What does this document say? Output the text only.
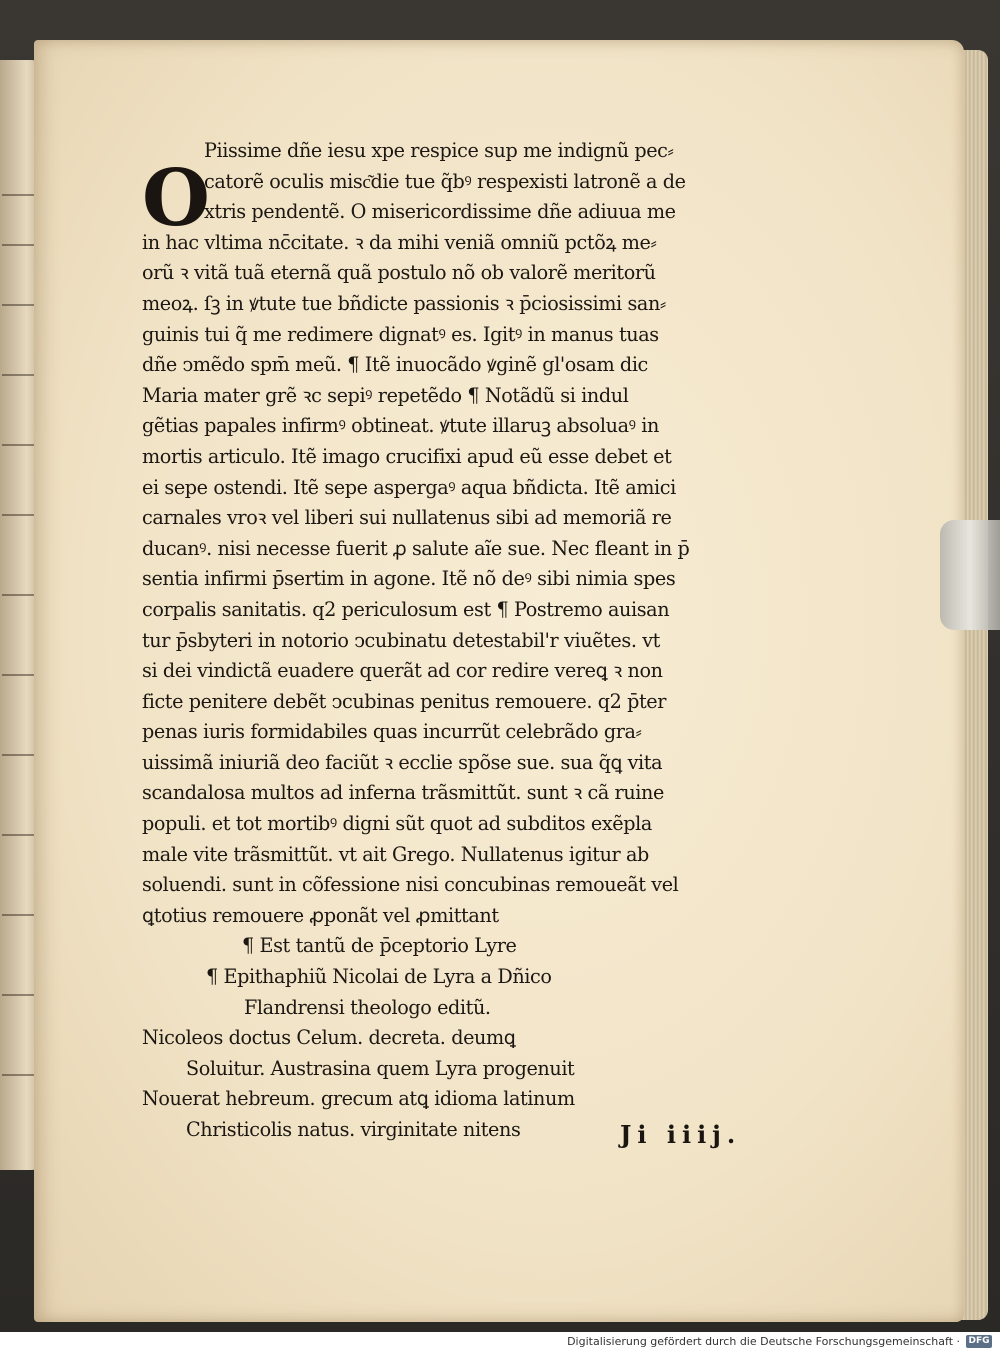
O
Piissime dñe iesu xpe respice sup me indignũ pec⸗
catorẽ oculis misc͂die tue q̃bꝰ respexisti latronẽ a de
xtris pendentẽ. O misericordissime dñe adiuua me
in hac vltima nc̄citate. ꝛ da mihi veniã omniũ pctõꝝ me⸗
orũ ꝛ vitã tuã eternã quã postulo nõ ob valorẽ meritorũ
meoꝝ. ſꝫ in ꝟtute tue bñdicte passionis ꝛ p̄ciosissimi san⸗
guinis tui q̃ me redimere dignatꝰ es. Igitꝰ in manus tuas
dñe ↄmẽdo spm̄ meũ. ¶ Itẽ inuocãdo ꝟginẽ gl'osam dic
Maria mater grẽ ꝛc sepiꝰ repetẽdo ¶ Notãdũ si indul
gẽtias papales infirmꝰ obtineat. ꝟtute illaruꝫ absoluaꝰ in
mortis articulo. Itẽ imago crucifixi apud eũ esse debet et
ei sepe ostendi. Itẽ sepe aspergaꝰ aqua bñdicta. Itẽ amici
carnales vroꝛ vel liberi sui nullatenus sibi ad memoriã re
ducanꝰ. nisi necesse fuerit ꝓ salute aĩe sue. Nec fleant in p̄
sentia infirmi p̄sertim in agone. Itẽ nõ deꝰ sibi nimia spes
corpalis sanitatis. q2 periculosum est ¶ Postremo auisan
tur p̄sbyteri in notorio ↄcubinatu detestabil'r viuẽtes. vt
si dei vindictã euadere querãt ad cor redire vereꝗ ꝛ non
ficte penitere debẽt ↄcubinas penitus remouere. q2 p̄ter
penas iuris formidabiles quas incurrũt celebrãdo gra⸗
uissimã iniuriã deo faciũt ꝛ ecclie spõse sue. sua q̃ꝗ vita
scandalosa multos ad inferna trãsmittũt. sunt ꝛ cã ruine
populi. et tot mortibꝰ digni sũt quot ad subditos exẽpla
male vite trãsmittũt. vt ait Grego. Nullatenus igitur ab
soluendi. sunt in cõfessione nisi concubinas remoueãt vel
ꝗtotius remouere ꝓponãt vel ꝓmittant
¶ Est tantũ de p̄ceptorio Lyre
¶ Epithaphiũ Nicolai de Lyra a Dñico
Flandrensi theologo editũ.
Nicoleos doctus Celum. decreta. deumꝗ
Soluitur. Austrasina quem Lyra progenuit
Nouerat hebreum. grecum atꝗ idioma latinum
Christicolis natus. virginitate nitens	Ji iiij.
Digitalisierung gefördert durch die Deutsche Forschungsgemeinschaft · DFG
